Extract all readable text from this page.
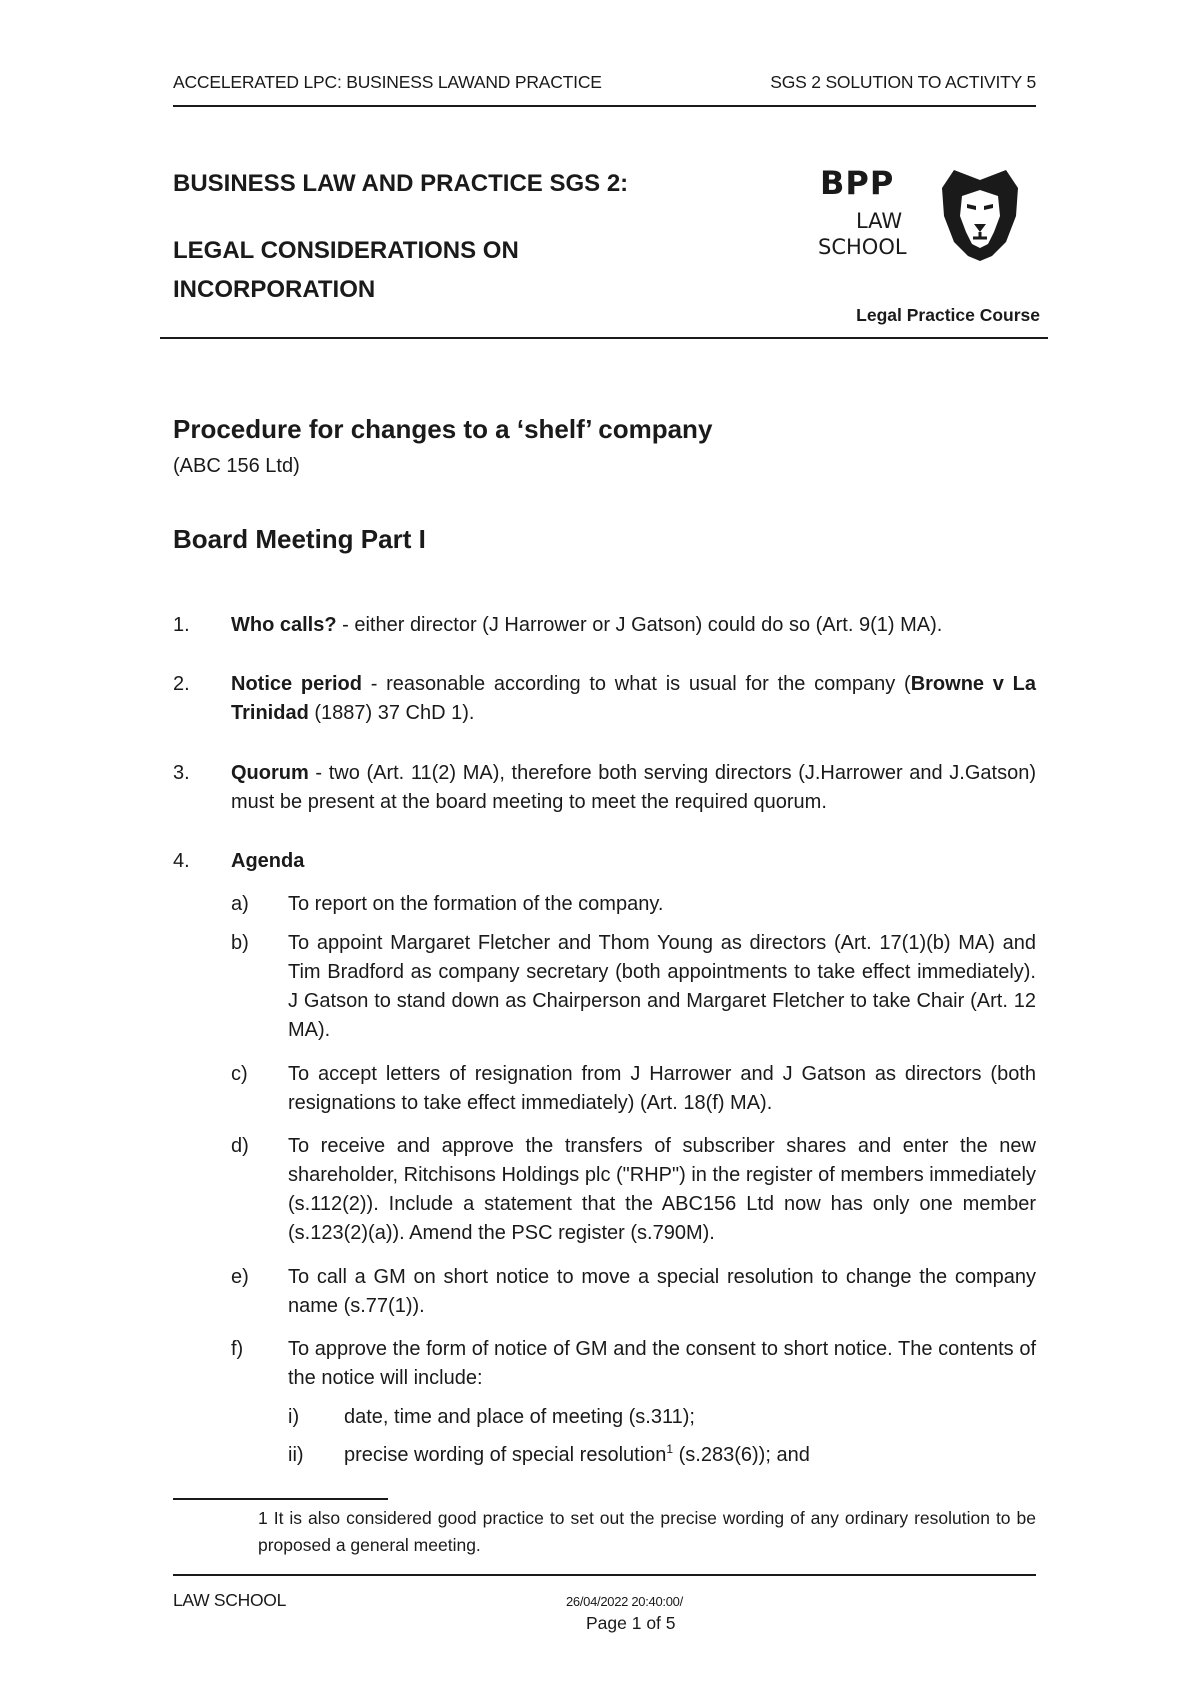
ACCELERATED LPC: BUSINESS LAWAND PRACTICE	SGS 2 SOLUTION TO ACTIVITY 5
BUSINESS LAW AND PRACTICE SGS 2:
LEGAL CONSIDERATIONS ON INCORPORATION
BPP
LAW
SCHOOL
Legal Practice Course
Procedure for changes to a ‘shelf’ company
(ABC 156 Ltd)
Board Meeting Part I
1. Who calls? - either director (J Harrower or J Gatson) could do so (Art. 9(1) MA).
2. Notice period - reasonable according to what is usual for the company (Browne v La Trinidad (1887) 37 ChD 1).
3. Quorum - two (Art. 11(2) MA), therefore both serving directors (J.Harrower and J.Gatson) must be present at the board meeting to meet the required quorum.
4. Agenda
a) To report on the formation of the company.
b) To appoint Margaret Fletcher and Thom Young as directors (Art. 17(1)(b) MA) and Tim Bradford as company secretary (both appointments to take effect immediately). J Gatson to stand down as Chairperson and Margaret Fletcher to take Chair (Art. 12 MA).
c) To accept letters of resignation from J Harrower and J Gatson as directors (both resignations to take effect immediately) (Art. 18(f) MA).
d) To receive and approve the transfers of subscriber shares and enter the new shareholder, Ritchisons Holdings plc ("RHP") in the register of members immediately (s.112(2)). Include a statement that the ABC156 Ltd now has only one member (s.123(2)(a)). Amend the PSC register (s.790M).
e) To call a GM on short notice to move a special resolution to change the company name (s.77(1)).
f) To approve the form of notice of GM and the consent to short notice. The contents of the notice will include:
i) date, time and place of meeting (s.311);
ii) precise wording of special resolution$^1$ (s.283(6)); and
1 It is also considered good practice to set out the precise wording of any ordinary resolution to be proposed a general meeting.
LAW SCHOOL	26/04/2022 20:40:00/
Page 1 of 5
